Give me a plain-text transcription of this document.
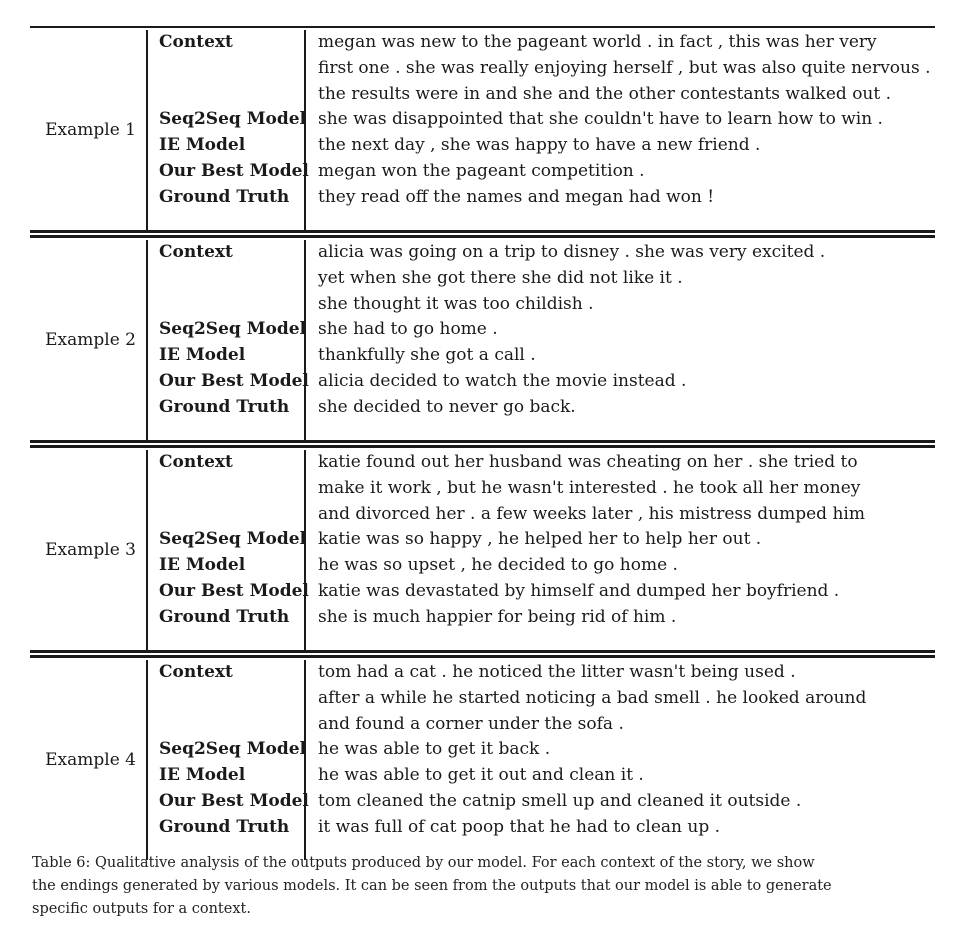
Example 1
Context
Seq2Seq Model
IE Model
Our Best Model
Ground Truth
megan was new to the pageant world . in fact , this was her very
first one . she was really enjoying herself , but was also quite nervous .
the results were in and she and the other contestants walked out .
she was disappointed that she couldn't have to learn how to win .
the next day , she was happy to have a new friend .
megan won the pageant competition .
they read off the names and megan had won !
Example 2
Context
Seq2Seq Model
IE Model
Our Best Model
Ground Truth
alicia was going on a trip to disney . she was very excited .
yet when she got there she did not like it .
she thought it was too childish .
she had to go home .
thankfully she got a call .
alicia decided to watch the movie instead .
she decided to never go back.
Example 3
Context
Seq2Seq Model
IE Model
Our Best Model
Ground Truth
katie found out her husband was cheating on her . she tried to
make it work , but he wasn't interested . he took all her money
and divorced her . a few weeks later , his mistress dumped him
katie was so happy , he helped her to help her out .
he was so upset , he decided to go home .
katie was devastated by himself and dumped her boyfriend .
she is much happier for being rid of him .
Example 4
Context
Seq2Seq Model
IE Model
Our Best Model
Ground Truth
tom had a cat . he noticed the litter wasn't being used .
after a while he started noticing a bad smell . he looked around
and found a corner under the sofa .
he was able to get it back .
he was able to get it out and clean it .
tom cleaned the catnip smell up and cleaned it outside .
it was full of cat poop that he had to clean up .
Table 6: Qualitative analysis of the outputs produced by our model. For each context of the story, we show
the endings generated by various models. It can be seen from the outputs that our model is able to generate
specific outputs for a context.
